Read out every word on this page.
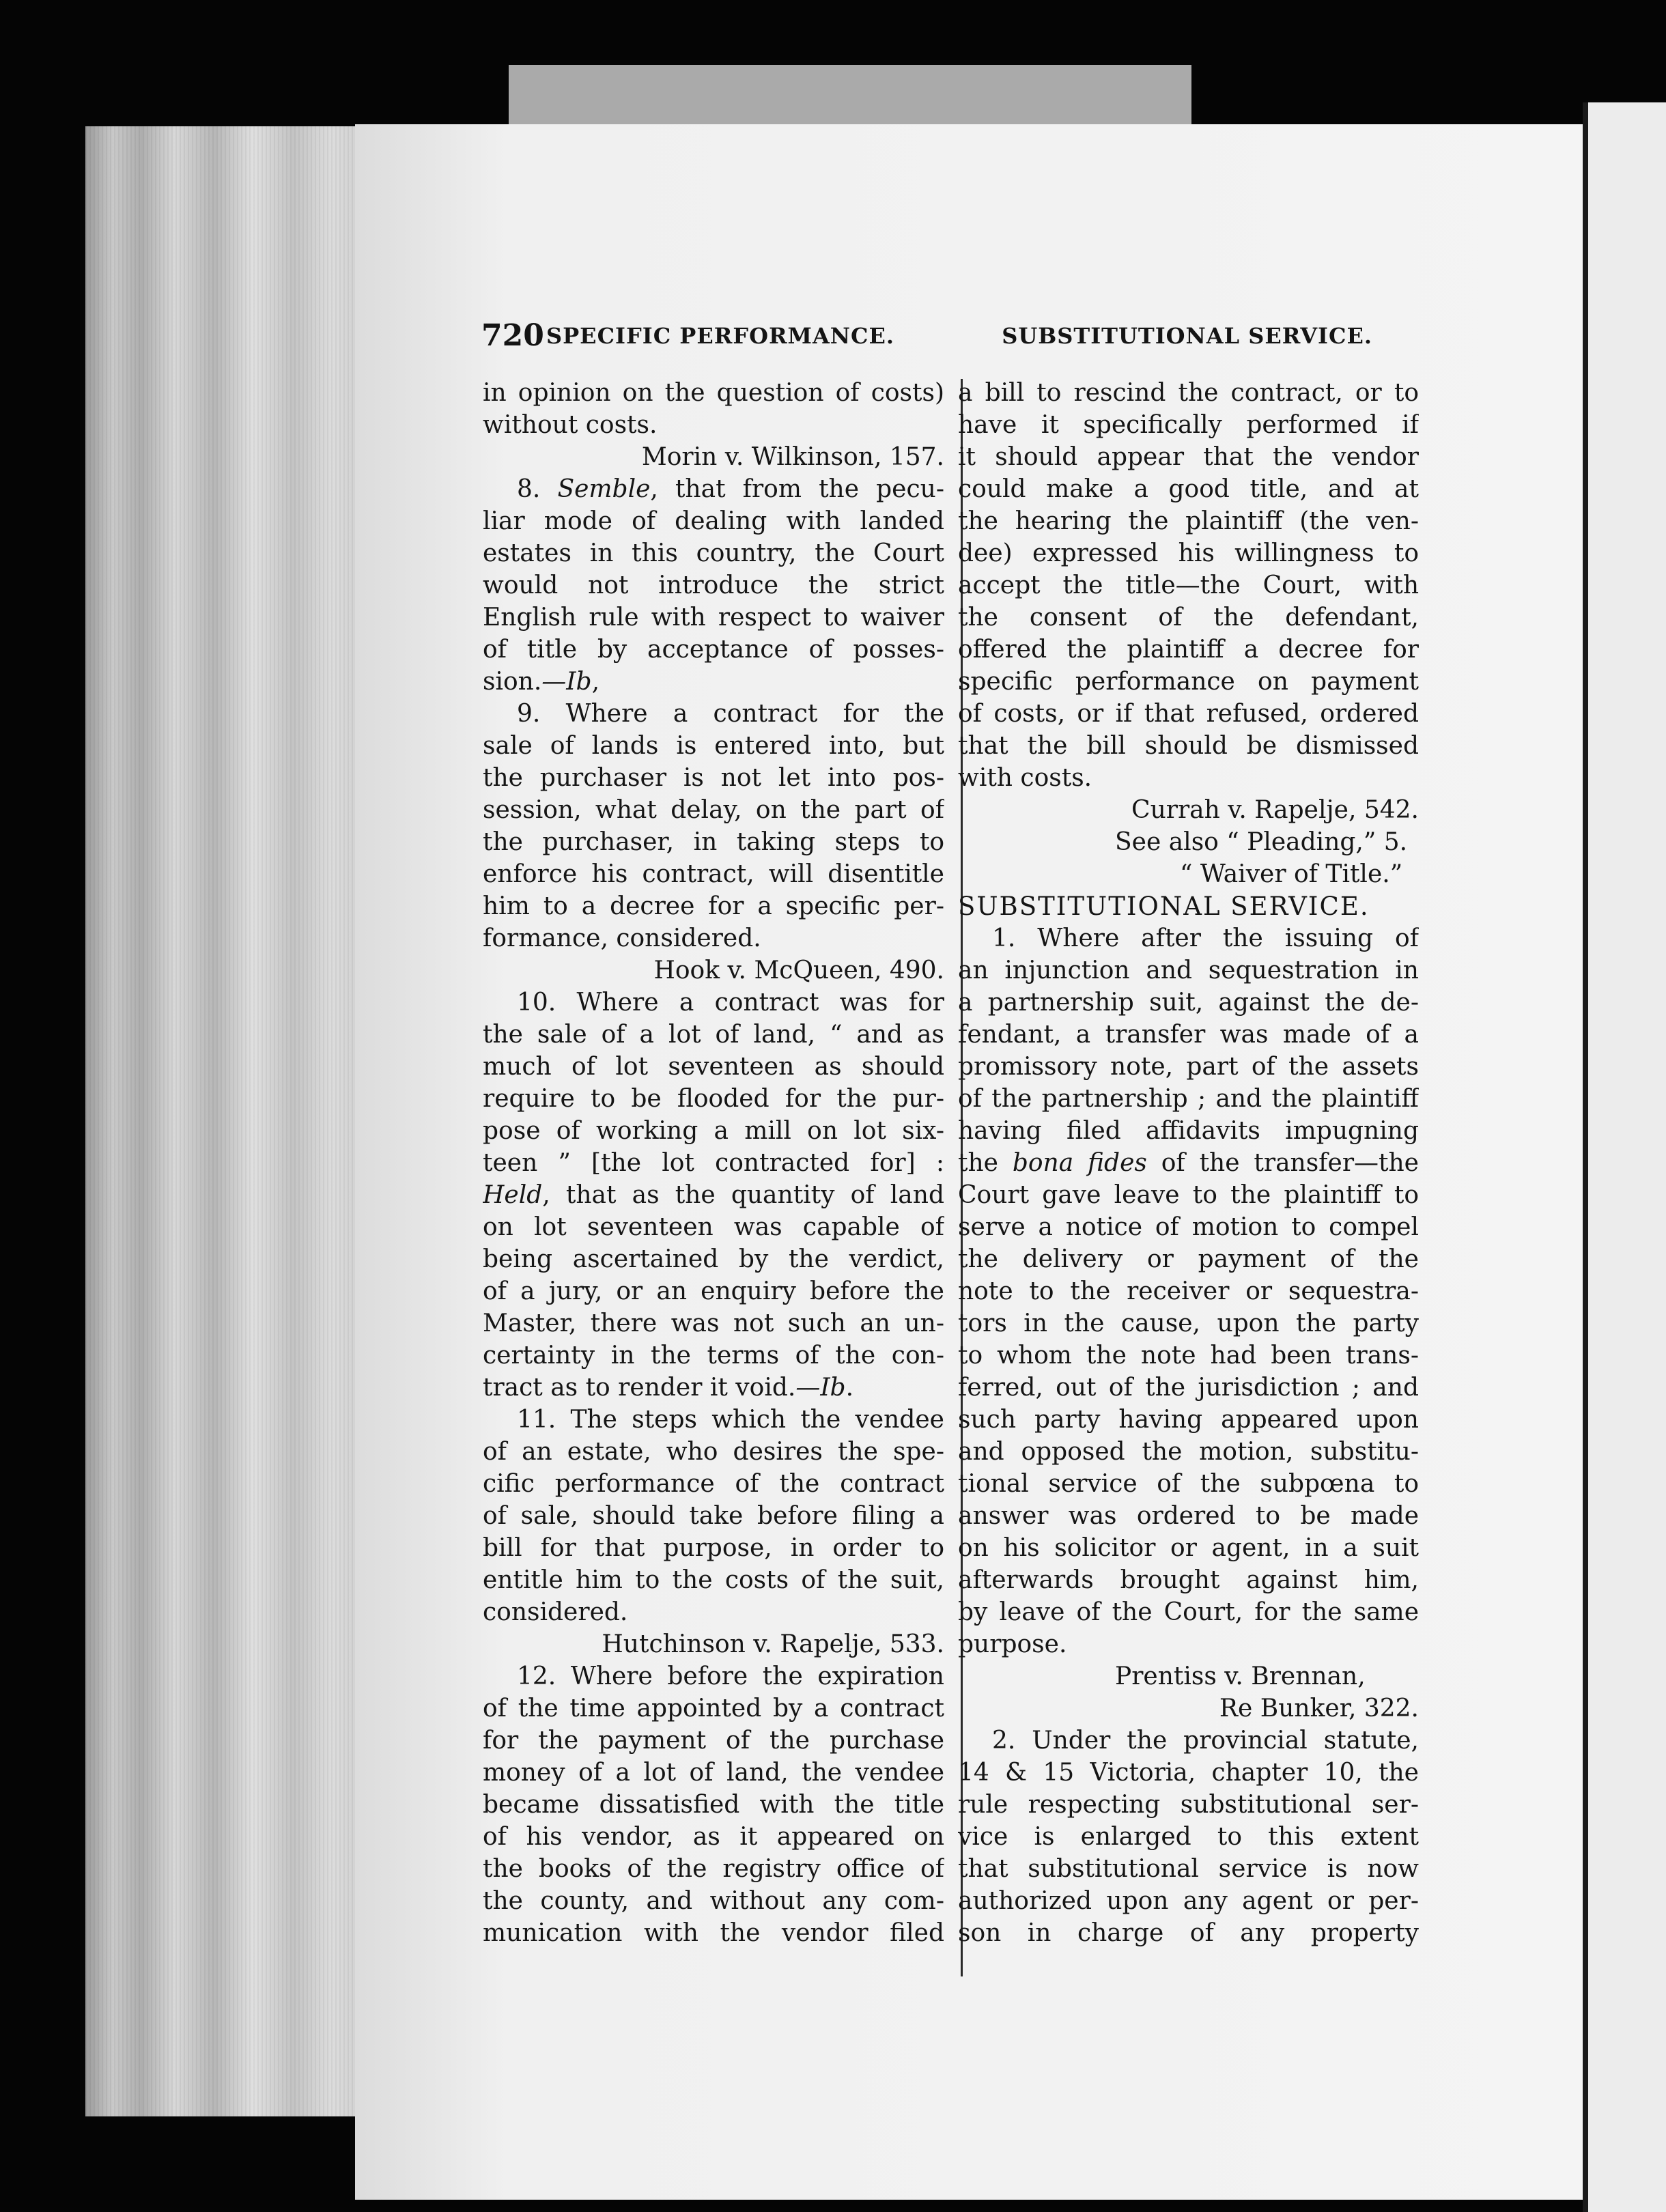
720 SPECIFIC PERFORMANCE.	SUBSTITUTIONAL SERVICE.
in opinion on the question of costs)
without costs.
Morin v. Wilkinson, 157.
8. Semble, that from the pecu-
liar mode of dealing with landed
estates in this country, the Court
would not introduce the strict
English rule with respect to waiver
of title by acceptance of posses-
sion.—Ib,
9. Where a contract for the
sale of lands is entered into, but
the purchaser is not let into pos-
session, what delay, on the part of
the purchaser, in taking steps to
enforce his contract, will disentitle
him to a decree for a specific per-
formance, considered.
Hook v. McQueen, 490.
10. Where a contract was for
the sale of a lot of land, “ and as
much of lot seventeen as should
require to be flooded for the pur-
pose of working a mill on lot six-
teen ” [the lot contracted for] :
Held, that as the quantity of land
on lot seventeen was capable of
being ascertained by the verdict,
of a jury, or an enquiry before the
Master, there was not such an un-
certainty in the terms of the con-
tract as to render it void.—Ib.
11. The steps which the vendee
of an estate, who desires the spe-
cific performance of the contract
of sale, should take before filing a
bill for that purpose, in order to
entitle him to the costs of the suit,
considered.
Hutchinson v. Rapelje, 533.
12. Where before the expiration
of the time appointed by a contract
for the payment of the purchase
money of a lot of land, the vendee
became dissatisfied with the title
of his vendor, as it appeared on
the books of the registry office of
the county, and without any com-
munication with the vendor filed
a bill to rescind the contract, or to
have it specifically performed if
it should appear that the vendor
could make a good title, and at
the hearing the plaintiff (the ven-
dee) expressed his willingness to
accept the title—the Court, with
the consent of the defendant,
offered the plaintiff a decree for
specific performance on payment
of costs, or if that refused, ordered
that the bill should be dismissed
with costs.
Currah v. Rapelje, 542.
See also “ Pleading,” 5.
“ Waiver of Title.”
SUBSTITUTIONAL SERVICE.
1. Where after the issuing of
an injunction and sequestration in
a partnership suit, against the de-
fendant, a transfer was made of a
promissory note, part of the assets
of the partnership ; and the plaintiff
having filed affidavits impugning
the bona fides of the transfer—the
Court gave leave to the plaintiff to
serve a notice of motion to compel
the delivery or payment of the
note to the receiver or sequestra-
tors in the cause, upon the party
to whom the note had been trans-
ferred, out of the jurisdiction ; and
such party having appeared upon
and opposed the motion, substitu-
tional service of the subpœna to
answer was ordered to be made
on his solicitor or agent, in a suit
afterwards brought against him,
by leave of the Court, for the same
purpose.
Prentiss v. Brennan,
Re Bunker, 322.
2. Under the provincial statute,
14 & 15 Victoria, chapter 10, the
rule respecting substitutional ser-
vice is enlarged to this extent
that substitutional service is now
authorized upon any agent or per-
son in charge of any property
